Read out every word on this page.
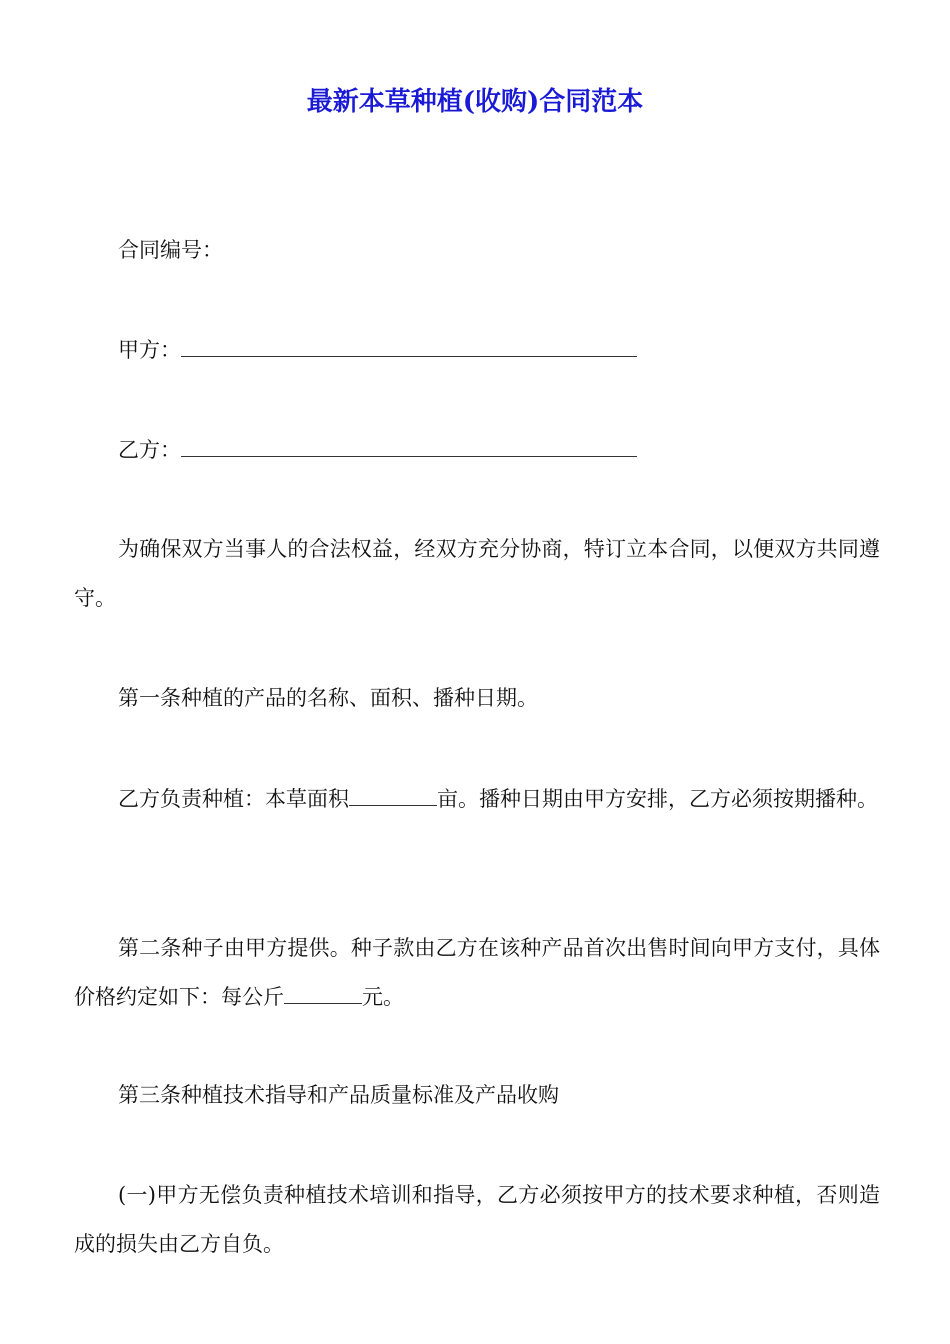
最新本草种植(收购)合同范本

合同编号：

甲方：

乙方：

为确保双方当事人的合法权益，经双方充分协商，特订立本合同，以便双方共同遵守。

第一条种植的产品的名称、面积、播种日期。

乙方负责种植：本草面积	亩。播种日期由甲方安排，乙方必须按期播种。

第二条种子由甲方提供。种子款由乙方在该种产品首次出售时间向甲方支付，具体价格约定如下：每公斤	元。

第三条种植技术指导和产品质量标准及产品收购

(一)甲方无偿负责种植技术培训和指导，乙方必须按甲方的技术要求种植，否则造成的损失由乙方自负。
